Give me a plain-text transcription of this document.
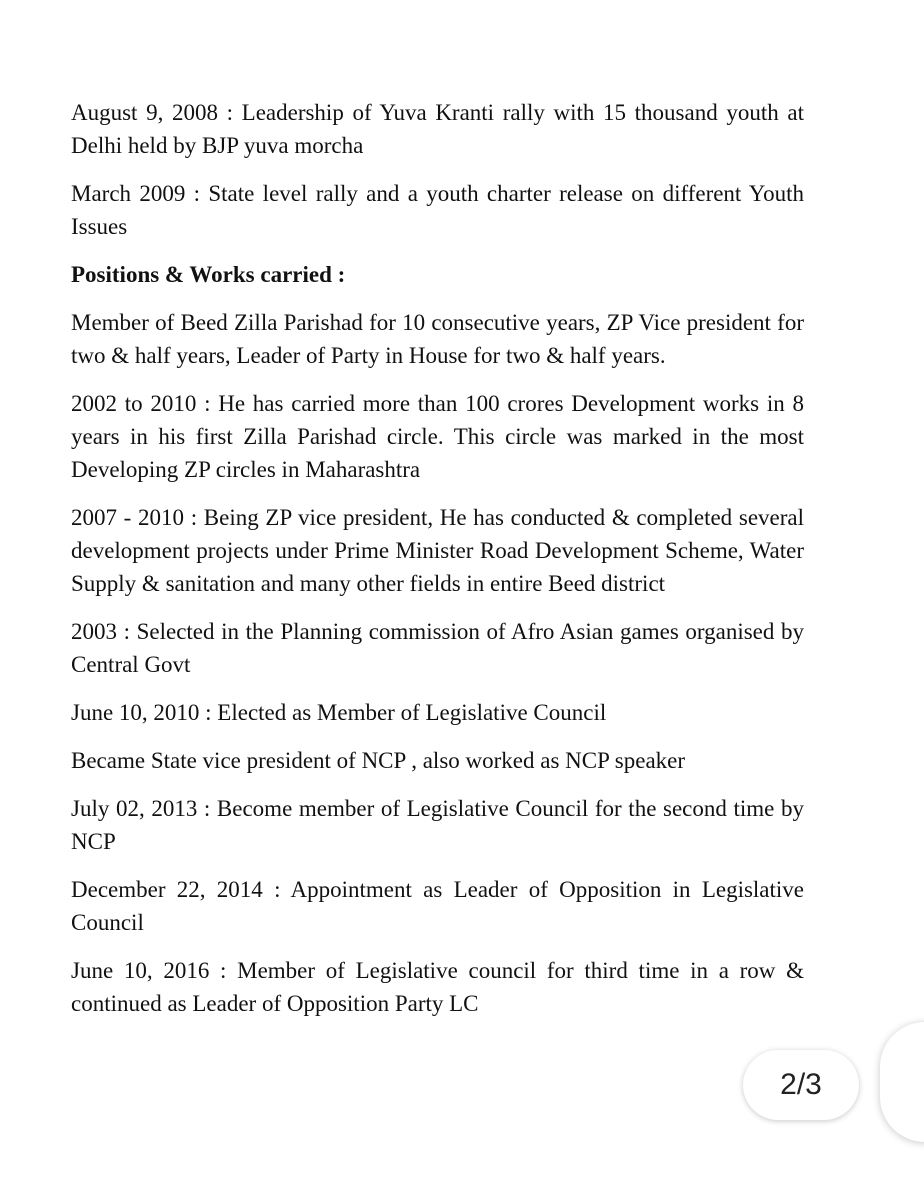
August 9, 2008 : Leadership of Yuva Kranti rally with 15 thousand youth at Delhi held by BJP yuva morcha

March 2009 : State level rally and a youth charter release on different Youth Issues

Positions & Works carried :

Member of Beed Zilla Parishad for 10 consecutive years, ZP Vice president for two & half years, Leader of Party in House for two & half years.

2002 to 2010 : He has carried more than 100 crores Development works in 8 years in his first Zilla Parishad circle. This circle was marked in the most Developing ZP circles in Maharashtra

2007 - 2010 : Being ZP vice president, He has conducted & completed several development projects under Prime Minister Road Development Scheme, Water Supply & sanitation and many other fields in entire Beed district

2003 : Selected in the Planning commission of Afro Asian games organised by Central Govt

June 10, 2010 : Elected as Member of Legislative Council

Became State vice president of NCP , also worked as NCP speaker

July 02, 2013 : Become member of Legislative Council for the second time by NCP

December 22, 2014 : Appointment as Leader of Opposition in Legislative Council

June 10, 2016 : Member of Legislative council for third time in a row & continued as Leader of Opposition Party LC

2/3
